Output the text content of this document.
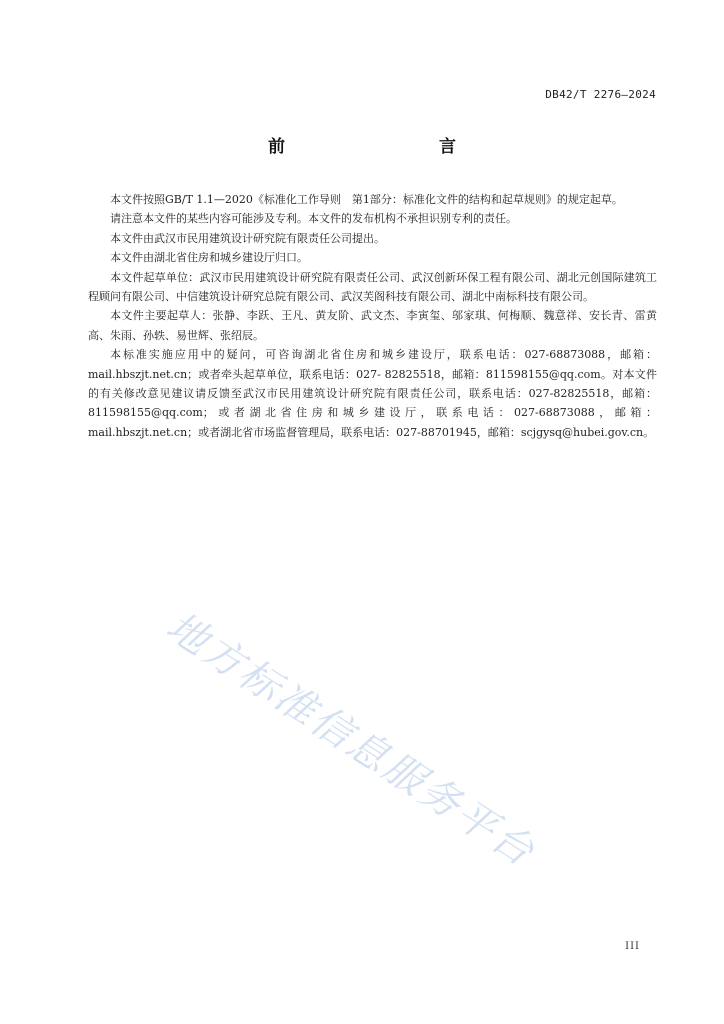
DB42/T 2276—2024
前　　言

本文件按照GB/T 1.1—2020《标准化工作导则　第1部分：标准化文件的结构和起草规则》的规定起草。

请注意本文件的某些内容可能涉及专利。本文件的发布机构不承担识别专利的责任。

本文件由武汉市民用建筑设计研究院有限责任公司提出。

本文件由湖北省住房和城乡建设厅归口。

本文件起草单位：武汉市民用建筑设计研究院有限责任公司、武汉创新环保工程有限公司、湖北元创国际建筑工程顾问有限公司、中信建筑设计研究总院有限公司、武汉芙阁科技有限公司、湖北中南标科技有限公司。

本文件主要起草人：张静、李跃、王凡、黄友阶、武文杰、李寅玺、邬家琪、何梅顺、魏意祥、安长青、雷黄高、朱雨、孙轶、易世辉、张绍辰。

本标准实施应用中的疑问，可咨询湖北省住房和城乡建设厅，联系电话：027-68873088，邮箱：mail.hbszjt.net.cn；或者牵头起草单位，联系电话：027- 82825518，邮箱：811598155@qq.com。对本文件的有关修改意见建议请反馈至武汉市民用建筑设计研究院有限责任公司，联系电话：027-82825518，邮箱：811598155@qq.com；或者湖北省住房和城乡建设厅，联系电话：027-68873088，邮箱：mail.hbszjt.net.cn；或者湖北省市场监督管理局，联系电话：027-88701945，邮箱：scjgysq@hubei.gov.cn。

地方标准信息服务平台
III
